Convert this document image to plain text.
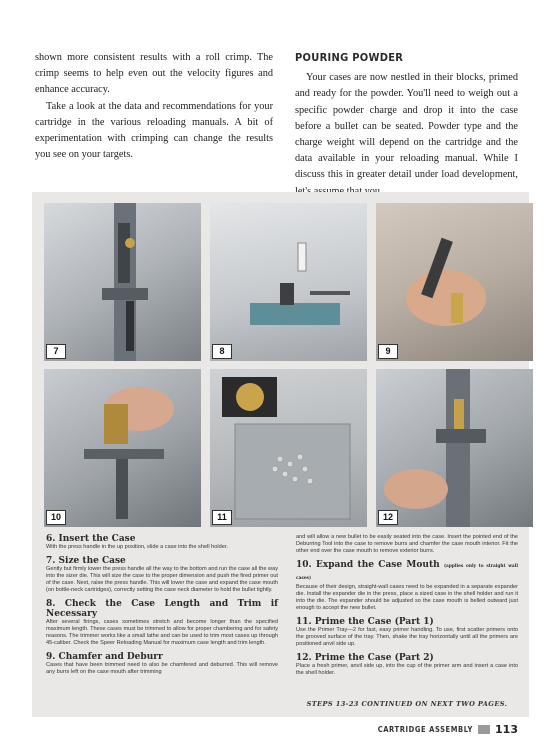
shown more consistent results with a roll crimp. The crimp seems to help even out the velocity figures and enhance accuracy.

Take a look at the data and recommendations for your cartridge in the various reloading manuals. A bit of experimentation with crimping can change the results you see on your targets.

POURING POWDER

Your cases are now nestled in their blocks, primed and ready for the powder. You'll need to weigh out a specific powder charge and drop it into the case before a bullet can be seated. Powder type and the charge weight will depend on the cartridge and the data available in your reloading manual. While I discuss this in greater detail under load development,

7	8	9
10	11	12
6. Insert the Case

With the press handle in the up position, slide a case into the shell holder.

7. Size the Case

Gently but firmly lower the press handle all the way to the bottom and run the case all the way into the sizer die. This will size the case to the proper dimension and push the fired primer out of the case. Next, raise the press handle. This will lower the case and expand the case mouth (on bottle-neck cartridges), correctly setting the case neck diameter to hold the bullet tightly.

8. Check the Case Length and Trim if Necessary

After several firings, cases sometimes stretch and become longer than the specified maximum length. These cases must be trimmed to allow for proper chambering and for safety reasons. The trimmer works like a small lathe and can be used to trim most cases up through 45-caliber. Check the Speer Reloading Manual for maximum case length and trim length.

9. Chamfer and Deburr

Cases that have been trimmed need to also be chamfered and deburred. This will remove any burrs left on the case mouth after trimming

and will allow a new bullet to be easily seated into the case. Insert the pointed end of the Deburring Tool into the case to remove burrs and chamfer the case mouth interior. Fit the other end over the case mouth to remove exterior burrs.

10. Expand the Case Mouth (applies only to straight wall cases)

Because of their design, straight-wall cases need to be expanded in a separate expander die. Install the expander die in the press, place a sized case in the shell holder and run it into the die. The expander should be adjusted so the case mouth is belled outward just enough to accept the new bullet.

11. Prime the Case (Part 1)

Use the Primer Tray—2 for fast, easy primer handling. To use, first scatter primers onto the grooved surface of the tray. Then, shake the tray horizontally until all the primers are positioned anvil side up.

12. Prime the Case (Part 2)

Place a fresh primer, anvil side up, into the cup of the primer arm and insert a case into the shell holder.

STEPS 13-23 CONTINUED ON NEXT TWO PAGES.
CARTRIDGE ASSEMBLY 113
